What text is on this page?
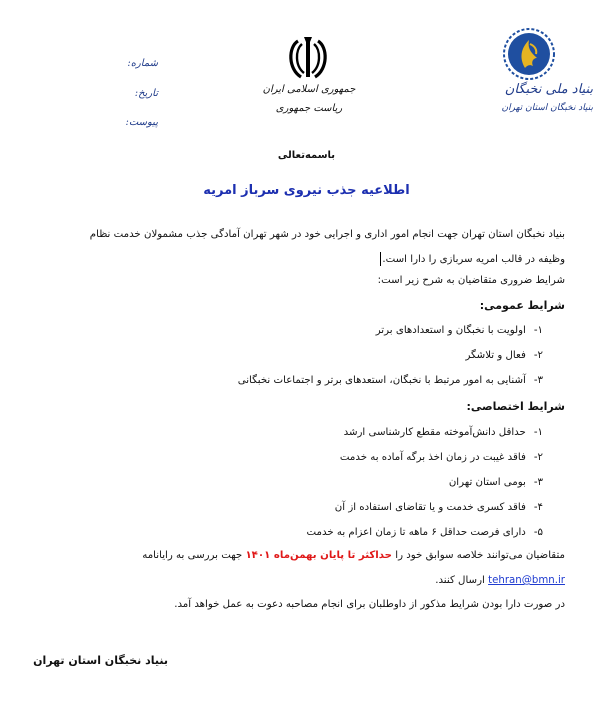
شماره:
تاریخ:
پیوست:
جمهوری اسلامی ایران
ریاست جمهوری
بنیاد ملی نخبگان
بنیاد نخبگان استان تهران
باسمه‌تعالی
اطلاعیه جذب نیروی سرباز امریه
بنیاد نخبگان استان تهران جهت انجام امور اداری و اجرایی خود در شهر تهران آمادگی جذب مشمولان خدمت نظام
وظیفه در قالب امریه سربازی را دارا است.
شرایط ضروری متقاضیان به شرح زیر است:
شرایط عمومی:
۱-اولویت با نخبگان و استعدادهای برتر
۲-فعال و تلاشگر
۳-آشنایی به امور مرتبط با نخبگان، استعدهای برتر و اجتماعات نخبگانی
شرایط اختصاصی:
۱-حداقل دانش‌آموخته مقطع کارشناسی ارشد
۲-فاقد غیبت در زمان اخذ برگه آماده به خدمت
۳-بومی استان تهران
۴-فاقد کسری خدمت و یا تقاضای استفاده از آن
۵-دارای فرصت حداقل ۶ ماهه تا زمان اعزام به خدمت
متقاضیان می‌توانند خلاصه سوابق خود را حداکثر تا پایان بهمن‌ماه ۱۴۰۱ جهت بررسی به رایانامه
tehran@bmn.ir ارسال کنند.
در صورت دارا بودن شرایط مذکور از داوطلبان برای انجام مصاحبه دعوت به عمل خواهد آمد.
بنیاد نخبگان استان تهران
